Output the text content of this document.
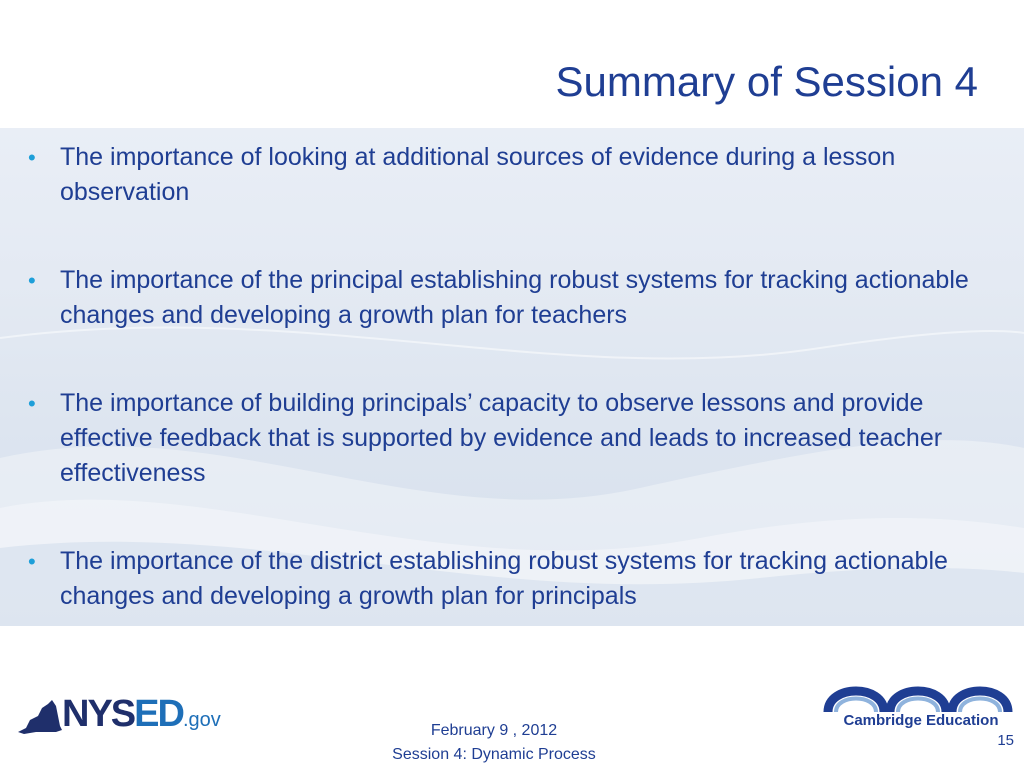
Summary of Session 4
• The importance of looking at additional sources of evidence during a lesson observation
• The importance of the principal establishing robust systems for tracking actionable changes and developing a growth plan for teachers
• The importance of building principals’ capacity to observe lessons and provide effective feedback that is supported by evidence and leads to increased teacher effectiveness
• The importance of the district establishing robust systems for tracking actionable changes and developing a growth plan for principals
NYSED.gov	February 9 , 2012
Session 4: Dynamic Process
Cambridge Education
15
